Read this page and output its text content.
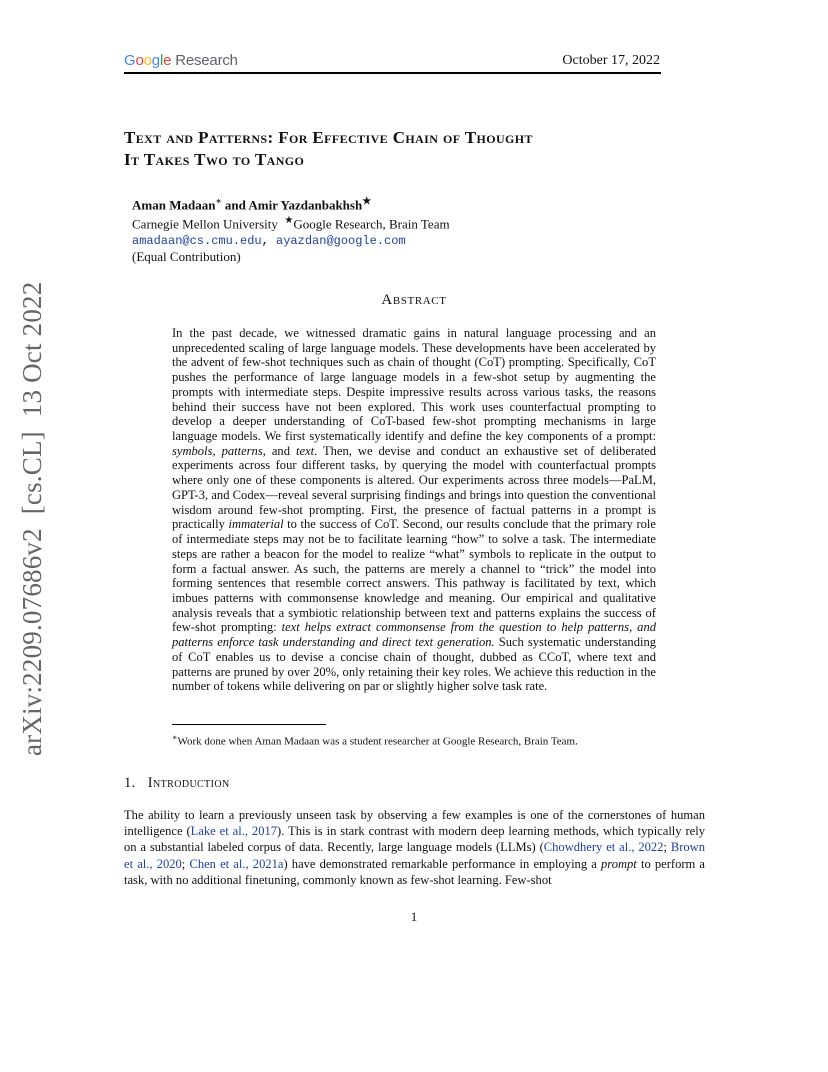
Google Research	October 17, 2022
arXiv:2209.07686v2  [cs.CL]  13 Oct 2022
Text and Patterns: For Effective Chain of Thought
It Takes Two to Tango
Aman Madaan∗ and Amir Yazdanbakhsh★
Carnegie Mellon University ★Google Research, Brain Team
amadaan@cs.cmu.edu, ayazdan@google.com
(Equal Contribution)
Abstract
In the past decade, we witnessed dramatic gains in natural language processing and an unprecedented scaling of large language models. These developments have been accelerated by the advent of few-shot techniques such as chain of thought (CoT) prompting. Specifically, CoT pushes the performance of large language models in a few-shot setup by augmenting the prompts with intermediate steps. Despite impressive results across various tasks, the reasons behind their success have not been explored. This work uses counterfactual prompting to develop a deeper understanding of CoT-based few-shot prompting mechanisms in large language models. We first systematically identify and define the key components of a prompt: symbols, patterns, and text. Then, we devise and conduct an exhaustive set of deliberated experiments across four different tasks, by querying the model with counterfactual prompts where only one of these components is altered. Our experiments across three models—PaLM, GPT-3, and Codex—reveal several surprising findings and brings into question the conventional wisdom around few-shot prompting. First, the presence of factual patterns in a prompt is practically immaterial to the success of CoT. Second, our results conclude that the primary role of intermediate steps may not be to facilitate learning “how” to solve a task. The intermediate steps are rather a beacon for the model to realize “what” symbols to replicate in the output to form a factual answer. As such, the patterns are merely a channel to “trick” the model into forming sentences that resemble correct answers. This pathway is facilitated by text, which imbues patterns with commonsense knowledge and meaning. Our empirical and qualitative analysis reveals that a symbiotic relationship between text and patterns explains the success of few-shot prompting: text helps extract commonsense from the question to help patterns, and patterns enforce task understanding and direct text generation. Such systematic understanding of CoT enables us to devise a concise chain of thought, dubbed as CCoT, where text and patterns are pruned by over 20%, only retaining their key roles. We achieve this reduction in the number of tokens while delivering on par or slightly higher solve task rate.
∗Work done when Aman Madaan was a student researcher at Google Research, Brain Team.
1. Introduction
The ability to learn a previously unseen task by observing a few examples is one of the cornerstones of human intelligence (Lake et al., 2017). This is in stark contrast with modern deep learning methods, which typically rely on a substantial labeled corpus of data. Recently, large language models (LLMs) (Chowdhery et al., 2022; Brown et al., 2020; Chen et al., 2021a) have demonstrated remarkable performance in employing a prompt to perform a task, with no additional finetuning, commonly known as few-shot learning. Few-shot
1
